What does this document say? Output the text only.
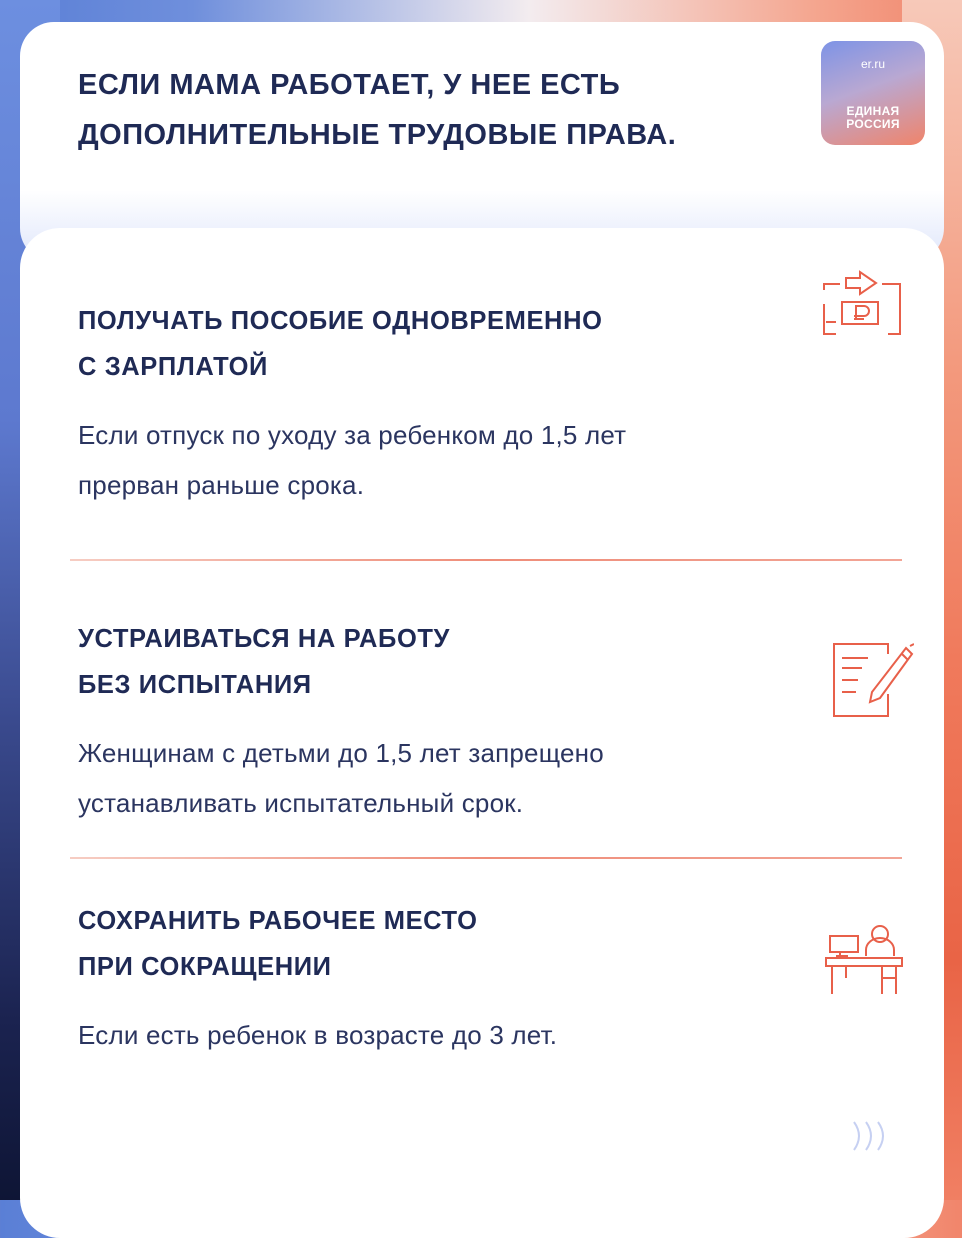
ЕСЛИ МАМА РАБОТАЕТ, У НЕЕ ЕСТЬ
ДОПОЛНИТЕЛЬНЫЕ ТРУДОВЫЕ ПРАВА.
er.ru
ЕДИНАЯ
РОССИЯ
ПОЛУЧАТЬ ПОСОБИЕ ОДНОВРЕМЕННО
С ЗАРПЛАТОЙ

Если отпуск по уходу за ребенком до 1,5 лет
прерван раньше срока.

УСТРАИВАТЬСЯ НА РАБОТУ
БЕЗ ИСПЫТАНИЯ

Женщинам с детьми до 1,5 лет запрещено
устанавливать испытательный срок.

СОХРАНИТЬ РАБОЧЕЕ МЕСТО
ПРИ СОКРАЩЕНИИ

Если есть ребенок в возрасте до 3 лет.
